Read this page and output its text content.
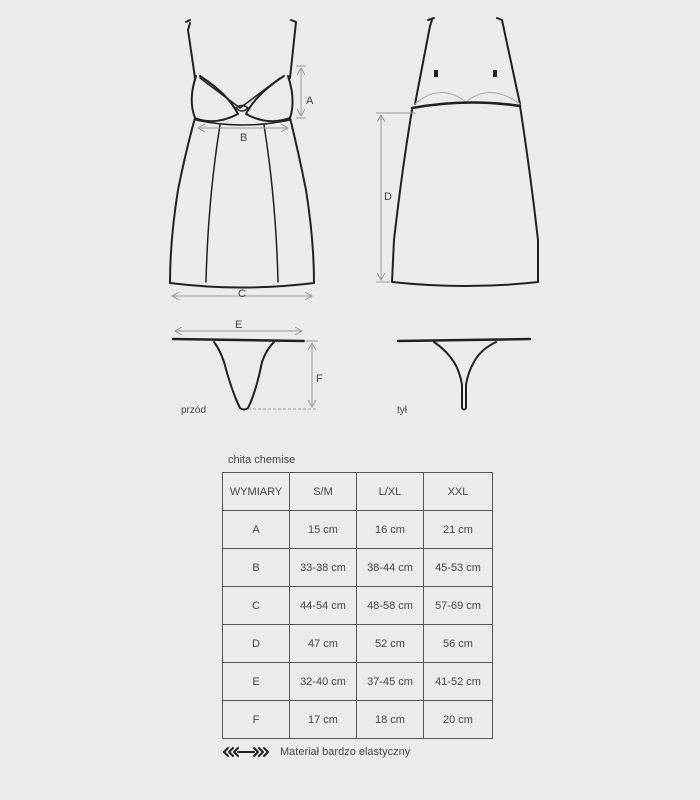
A
B
C
D
E
F
przód	tył
chita chemise
WYMIARY	S/M	L/XL	XXL
A	15 cm	16 cm	21 cm
B	33-38 cm	38-44 cm	45-53 cm
C	44-54 cm	48-58 cm	57-69 cm
D	47 cm	52 cm	56 cm
E	32-40 cm	37-45 cm	41-52 cm
F	17 cm	18 cm	20 cm
Materiał bardzo elastyczny
